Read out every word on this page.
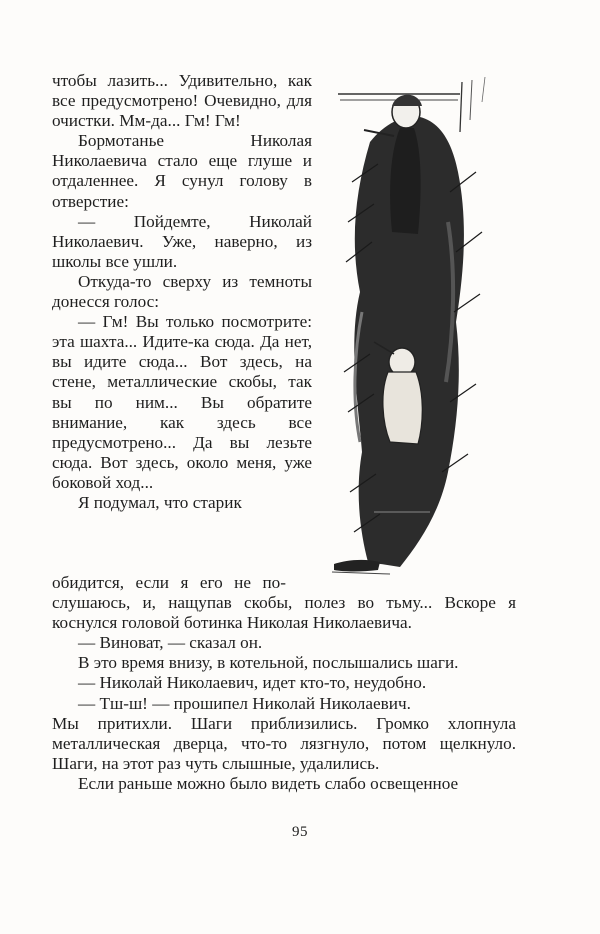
чтобы лазить... Удивительно, как все предусмотрено! Очевидно, для очистки. Мм-да... Гм! Гм!

Бормотанье Николая Николаевича стало еще глуше и отдаленнее. Я сунул голову в отверстие:

— Пойдемте, Николай Николаевич. Уже, наверно, из школы все ушли.

Откуда-то сверху из темноты донесся голос:

— Гм! Вы только посмотрите: эта шахта... Идите-ка сюда. Да нет, вы идите сюда... Вот здесь, на стене, металлические скобы, так вы по ним... Вы обратите внимание, как здесь все предусмотрено... Да вы лезьте сюда. Вот здесь, около меня, уже боковой ход...

Я подумал, что старик

обидится, если я его не по-

слушаюсь, и, нащупав скобы, полез во тьму... Вскоре я коснулся головой ботинка Николая Николаевича.

— Виноват, — сказал он.

В это время внизу, в котельной, послышались шаги.

— Николай Николаевич, идет кто-то, неудобно.

— Тш-ш! — прошипел Николай Николаевич.

Мы притихли. Шаги приблизились. Громко хлопнула металлическая дверца, что-то лязгнуло, потом щелкнуло. Шаги, на этот раз чуть слышные, удалились.

Если раньше можно было видеть слабо освещенное

95
